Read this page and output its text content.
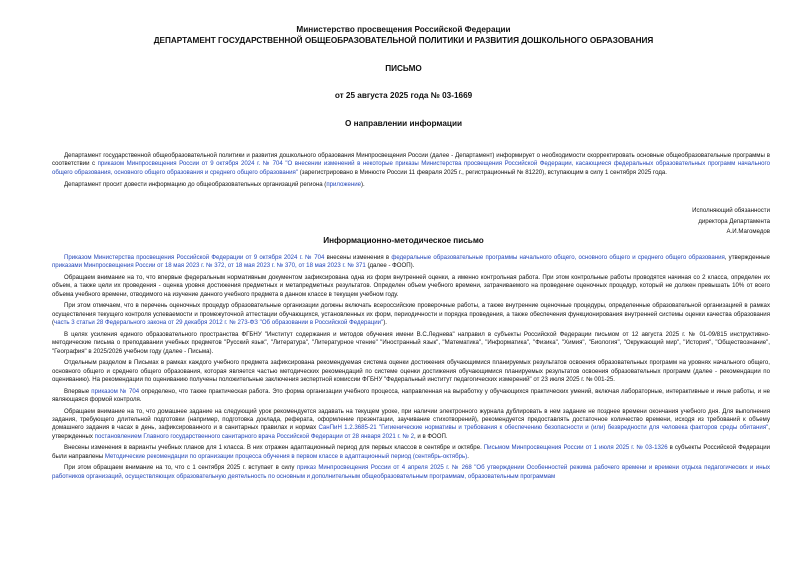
Министерство просвещения Российской Федерации
ДЕПАРТАМЕНТ ГОСУДАРСТВЕННОЙ ОБЩЕОБРАЗОВАТЕЛЬНОЙ ПОЛИТИКИ И РАЗВИТИЯ ДОШКОЛЬНОГО ОБРАЗОВАНИЯ
ПИСЬМО
от 25 августа 2025 года № 03-1669
О направлении информации

Департамент государственной общеобразовательной политики и развития дошкольного образования Минпросвещения России (далее - Департамент) информирует о необходимости скорректировать основные общеобразовательные программы в соответствии с приказом Минпросвещения России от 9 октября 2024 г. № 704 "О внесении изменений в некоторые приказы Министерства просвещения Российской Федерации, касающиеся федеральных образовательных программ начального общего образования, основного общего образования и среднего общего образования" (зарегистрировано в Минюсте России 11 февраля 2025 г., регистрационный № 81220), вступающим в силу 1 сентября 2025 года.

Департамент просит довести информацию до общеобразовательных организаций региона (приложение).

Исполняющий обязанности
директора Департамента
А.И.Магомедов
Информационно-методическое письмо

Приказом Министерства просвещения Российской Федерации от 9 октября 2024 г. № 704 внесены изменения в федеральные образовательные программы начального общего, основного общего и среднего общего образования, утвержденные приказами Минпросвещения России от 18 мая 2023 г. № 372, от 18 мая 2023 г. № 370, от 18 мая 2023 г. № 371 (далее - ФООП).

Обращаем внимание на то, что впервые федеральным нормативным документом зафиксирована одна из форм внутренней оценки, а именно контрольная работа. При этом контрольные работы проводятся начиная со 2 класса, определен их объем, а также цели их проведения - оценка уровня достижения предметных и метапредметных результатов. Определен объем учебного времени, затрачиваемого на проведение оценочных процедур, который не должен превышать 10% от всего объема учебного времени, отводимого на изучение данного учебного предмета в данном классе в текущем учебном году.

При этом отмечаем, что в перечень оценочных процедур образовательные организации должны включать всероссийские проверочные работы, а также внутренние оценочные процедуры, определенные образовательной организацией в рамках осуществления текущего контроля успеваемости и промежуточной аттестации обучающихся, установленных их форм, периодичности и порядка проведения, а также обеспечения функционирования внутренней системы оценки качества образования (часть 3 статьи 28 Федерального закона от 29 декабря 2012 г. № 273-ФЗ "Об образовании в Российской Федерации").

В целях усиления единого образовательного пространства ФГБНУ "Институт содержания и методов обучения имени В.С.Леднева" направил в субъекты Российской Федерации письмом от 12 августа 2025 г. № 01-09/815 инструктивно-методические письма о преподавании учебных предметов "Русский язык", "Литература", "Литературное чтение" "Иностранный язык", "Математика", "Информатика", "Физика", "Химия", "Биология", "Окружающий мир", "История", "Обществознание", "География" в 2025/2026 учебном году (далее - Письма).

Отдельным разделом в Письмах в рамках каждого учебного предмета зафиксирована рекомендуемая система оценки достижения обучающимися планируемых результатов освоения образовательных программ на уровнях начального общего, основного общего и среднего общего образования, которая является частью методических рекомендаций по системе оценки достижения обучающимися планируемых результатов освоения образовательных программ (далее - рекомендации по оцениванию). На рекомендации по оцениванию получены положительные заключения экспертной комиссии ФГБНУ "Федеральный институт педагогических измерений" от 23 июля 2025 г. № 001-25.

Впервые приказом № 704 определено, что также практическая работа. Это форма организации учебного процесса, направленная на выработку у обучающихся практических умений, включая лабораторные, интерактивные и иные работы, и не являющаяся формой контроля.

Обращаем внимание на то, что домашнее задание на следующий урок рекомендуется задавать на текущем уроке, при наличии электронного журнала дублировать в нем задание не позднее времени окончания учебного дня. Для выполнения задания, требующего длительной подготовки (например, подготовка доклада, реферата, оформление презентации, заучивание стихотворений), рекомендуется предоставлять достаточное количество времени, исходя из требований к объему домашнего задания в часах в день, зафиксированного и в санитарных правилах и нормах СанПиН 1.2.3685-21 "Гигиенические нормативы и требования к обеспечению безопасности и (или) безвредности для человека факторов среды обитания", утвержденных постановлением Главного государственного санитарного врача Российской Федерации от 28 января 2021 г. № 2, и в ФООП.

Внесены изменения в варианты учебных планов для 1 класса. В них отражен адаптационный период для первых классов в сентябре и октябре. Письмом Минпросвещения России от 1 июля 2025 г. № 03-1326 в субъекты Российской Федерации были направлены Методические рекомендации по организации процесса обучения в первом классе в адаптационный период (сентябрь-октябрь).

При этом обращаем внимание на то, что с 1 сентября 2025 г. вступает в силу приказ Минпросвещения России от 4 апреля 2025 г. № 268 "Об утверждении Особенностей режима рабочего времени и времени отдыха педагогических и иных работников организаций, осуществляющих образовательную деятельность по основным и дополнительным общеобразовательным программам, образовательным программам
